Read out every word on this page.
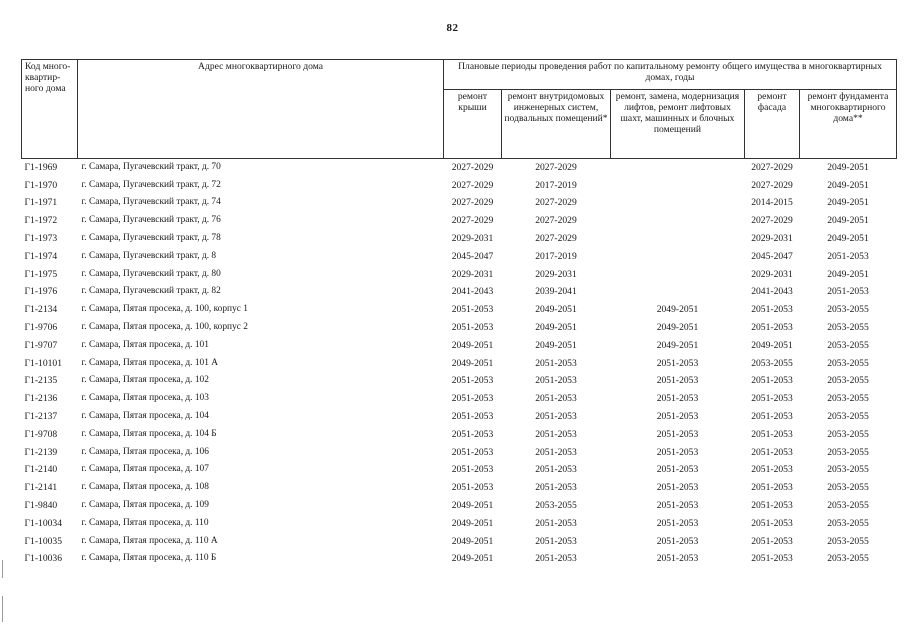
82
Код много-квартир-ного дома	Адрес многоквартирного дома	Плановые периоды проведения работ по капитальному ремонту общего имущества в многоквартирных домах, годы				
		ремонт крыши	ремонт внутридомовых инженерных систем, подвальных помещений*	ремонт, замена, модернизация лифтов, ремонт лифтовых шахт, машинных и блочных помещений	ремонт фасада	ремонт фундамента многоквартирного дома**
Г1-1969	г. Самара, Пугачевский тракт, д. 70	2027-2029	2027-2029		2027-2029	2049-2051
Г1-1970	г. Самара, Пугачевский тракт, д. 72	2027-2029	2017-2019		2027-2029	2049-2051
Г1-1971	г. Самара, Пугачевский тракт, д. 74	2027-2029	2027-2029		2014-2015	2049-2051
Г1-1972	г. Самара, Пугачевский тракт, д. 76	2027-2029	2027-2029		2027-2029	2049-2051
Г1-1973	г. Самара, Пугачевский тракт, д. 78	2029-2031	2027-2029		2029-2031	2049-2051
Г1-1974	г. Самара, Пугачевский тракт, д. 8	2045-2047	2017-2019		2045-2047	2051-2053
Г1-1975	г. Самара, Пугачевский тракт, д. 80	2029-2031	2029-2031		2029-2031	2049-2051
Г1-1976	г. Самара, Пугачевский тракт, д. 82	2041-2043	2039-2041		2041-2043	2051-2053
Г1-2134	г. Самара, Пятая просека, д. 100, корпус 1	2051-2053	2049-2051	2049-2051	2051-2053	2053-2055
Г1-9706	г. Самара, Пятая просека, д. 100, корпус 2	2051-2053	2049-2051	2049-2051	2051-2053	2053-2055
Г1-9707	г. Самара, Пятая просека, д. 101	2049-2051	2049-2051	2049-2051	2049-2051	2053-2055
Г1-10101	г. Самара, Пятая просека, д. 101 А	2049-2051	2051-2053	2051-2053	2053-2055	2053-2055
Г1-2135	г. Самара, Пятая просека, д. 102	2051-2053	2051-2053	2051-2053	2051-2053	2053-2055
Г1-2136	г. Самара, Пятая просека, д. 103	2051-2053	2051-2053	2051-2053	2051-2053	2053-2055
Г1-2137	г. Самара, Пятая просека, д. 104	2051-2053	2051-2053	2051-2053	2051-2053	2053-2055
Г1-9708	г. Самара, Пятая просека, д. 104 Б	2051-2053	2051-2053	2051-2053	2051-2053	2053-2055
Г1-2139	г. Самара, Пятая просека, д. 106	2051-2053	2051-2053	2051-2053	2051-2053	2053-2055
Г1-2140	г. Самара, Пятая просека, д. 107	2051-2053	2051-2053	2051-2053	2051-2053	2053-2055
Г1-2141	г. Самара, Пятая просека, д. 108	2051-2053	2051-2053	2051-2053	2051-2053	2053-2055
Г1-9840	г. Самара, Пятая просека, д. 109	2049-2051	2053-2055	2051-2053	2051-2053	2053-2055
Г1-10034	г. Самара, Пятая просека, д. 110	2049-2051	2051-2053	2051-2053	2051-2053	2053-2055
Г1-10035	г. Самара, Пятая просека, д. 110 А	2049-2051	2051-2053	2051-2053	2051-2053	2053-2055
Г1-10036	г. Самара, Пятая просека, д. 110 Б	2049-2051	2051-2053	2051-2053	2051-2053	2053-2055
